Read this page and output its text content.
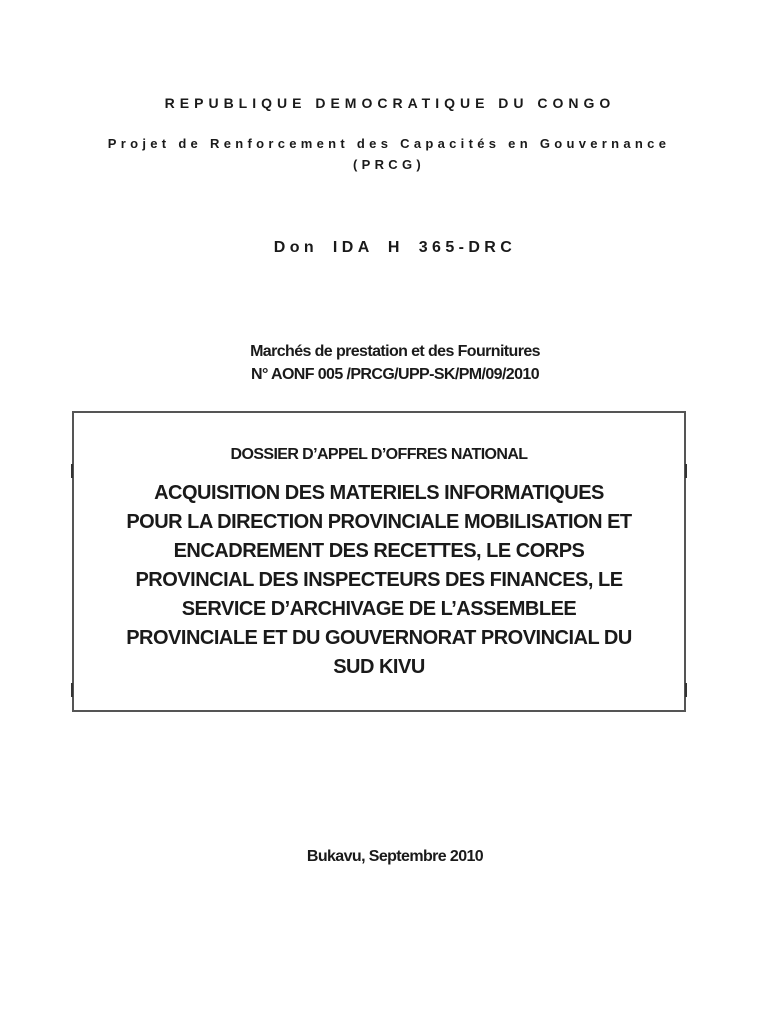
REPUBLIQUE DEMOCRATIQUE DU CONGO
Projet de Renforcement des Capacités en Gouvernance
(PRCG)
Don IDA H 365-DRC
Marchés de prestation et des Fournitures
N° AONF 005 /PRCG/UPP-SK/PM/09/2010
DOSSIER D’APPEL D’OFFRES NATIONAL
ACQUISITION DES MATERIELS INFORMATIQUES
POUR LA DIRECTION PROVINCIALE MOBILISATION ET
ENCADREMENT DES RECETTES, LE CORPS
PROVINCIAL DES INSPECTEURS DES FINANCES, LE
SERVICE D’ARCHIVAGE DE L’ASSEMBLEE
PROVINCIALE ET DU GOUVERNORAT PROVINCIAL DU
SUD KIVU
Bukavu, Septembre 2010
